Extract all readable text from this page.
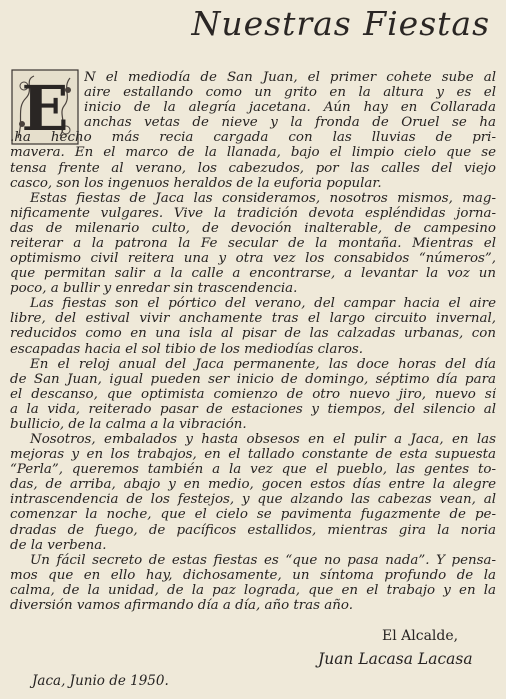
Nuestras Fiestas
E N el mediodía de San Juan, el primer cohete sube al
aire estallando como un grito en la altura y es el
inicio de la alegría jacetana. Aún hay en Collarada
anchas vetas de nieve y la fronda de Oruel se ha
.ha hecho más recia cargada con las lluvias de pri-
mavera. En el marco de la llanada, bajo el limpio cielo que se
tensa frente al verano, los cabezudos, por las calles del viejo
casco, son los ingenuos heraldos de la euforia popular.
Estas fiestas de Jaca las consideramos, nosotros mismos, mag-
nificamente vulgares. Vive la tradición devota espléndidas jorna-
das de milenario culto, de devoción inalterable, de campesino
reiterar a la patrona la Fe secular de la montaña. Mientras el
optimismo civil reitera una y otra vez los consabidos “números”,
que permitan salir a la calle a encontrarse, a levantar la voz un
poco, a bullir y enredar sin trascendencia.
Las fiestas son el pórtico del verano, del campar hacia el aire
libre, del estival vivir anchamente tras el largo circuito invernal,
reducidos como en una isla al pisar de las calzadas urbanas, con
escapadas hacia el sol tibio de los mediodías claros.
En el reloj anual del Jaca permanente, las doce horas del día
de San Juan, igual pueden ser inicio de domingo, séptimo día para
el descanso, que optimista comienzo de otro nuevo jiro, nuevo sí
a la vida, reiterado pasar de estaciones y tiempos, del silencio al
bullicio, de la calma a la vibración.
Nosotros, embalados y hasta obsesos en el pulir a Jaca, en las
mejoras y en los trabajos, en el tallado constante de esta supuesta
“Perla”, queremos también a la vez que el pueblo, las gentes to-
das, de arriba, abajo y en medio, gocen estos días entre la alegre
intrascendencia de los festejos, y que alzando las cabezas vean, al
comenzar la noche, que el cielo se pavimenta fugazmente de pe-
dradas de fuego, de pacíficos estallidos, mientras gira la noria
de la verbena.
Un fácil secreto de estas fiestas es “que no pasa nada”. Y pensa-
mos que en ello hay, dichosamente, un síntoma profundo de la
calma, de la unidad, de la paz lograda, que en el trabajo y en la
diversión vamos afirmando día a día, año tras año.
El Alcalde,
Juan Lacasa Lacasa
Jaca, Junio de 1950.
